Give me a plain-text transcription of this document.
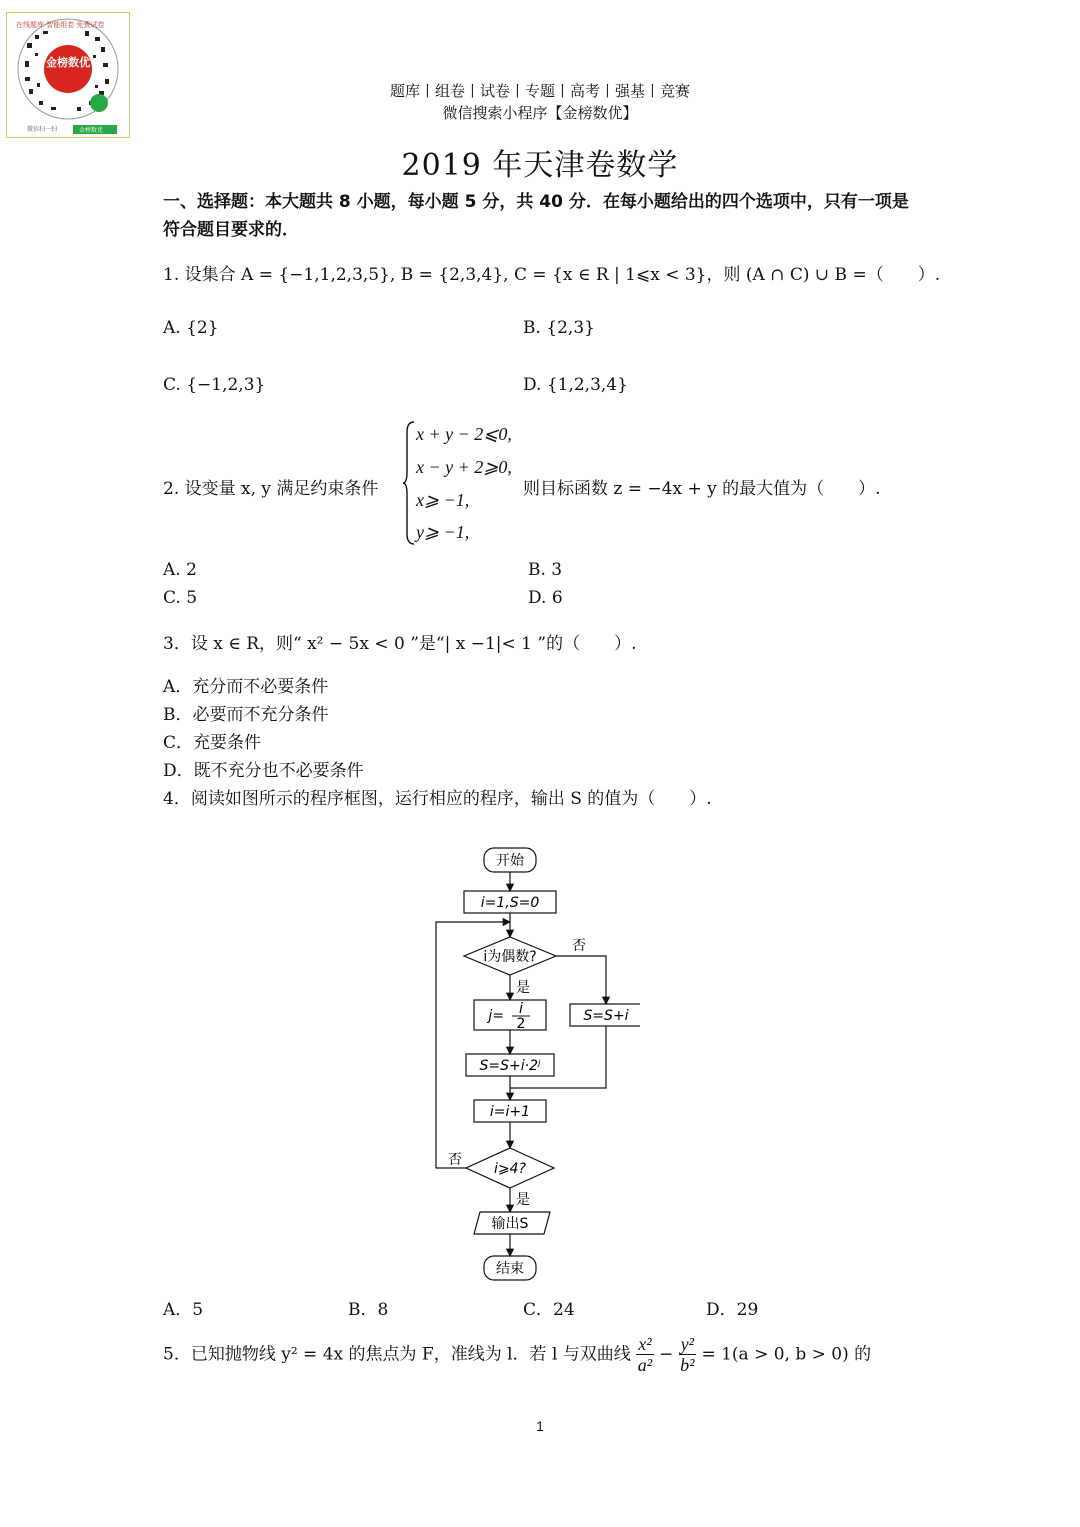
金榜数优
在线题库 智能组卷 免费试卷
微信扫一扫	金榜数优
题库丨组卷丨试卷丨专题丨高考丨强基丨竞赛
微信搜索小程序【金榜数优】
2019 年天津卷数学
一、选择题：本大题共 8 小题，每小题 5 分，共 40 分．在每小题给出的四个选项中，只有一项是符合题目要求的．
1. 设集合 A = {−1,1,2,3,5}, B = {2,3,4}, C = {x ∈ R | 1⩽x < 3}，则 (A ∩ C) ∪ B =（　　）.
A. {2}	B. {2,3}
C. {−1,2,3}	D. {1,2,3,4}
2. 设变量 x, y 满足约束条件
x + y − 2⩽0,
x − y + 2⩾0,
x⩾ −1,
y⩾ −1,
则目标函数 z = −4x + y 的最大值为（　　）.
A. 2	B. 3
C. 5	D. 6
3．设 x ∈ R，则“ x² − 5x < 0 ”是“| x −1|< 1 ”的（　　）.
A．充分而不必要条件
B．必要而不充分条件
C．充要条件
D．既不充分也不必要条件
4．阅读如图所示的程序框图，运行相应的程序，输出 S 的值为（　　）.
开始
i=1,S=0
i为偶数?
否
是
j= i
2	S=S+i
S=S+i·2ʲ
i=i+1
i⩾4?
否
是
输出S
结束
A．5	B．8	C．24	D．29
5．已知抛物线 y² = 4x 的焦点为 F，准线为 l．若 l 与双曲线 $\frac{\text{x²}}{\text{a²}} - \frac{\text{y²}}{\text{b²}} = 1(a > 0$, b > 0) 的
1
